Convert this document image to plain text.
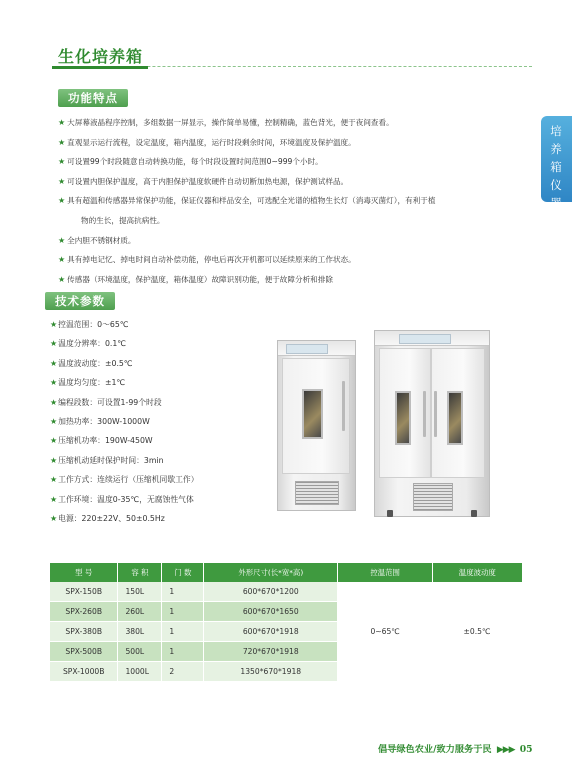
生化培养箱
培养箱仪器
功能特点
★ 大屏幕液晶程序控制，多组数据一屏显示，操作简单易懂，控制精确，蓝色背光，便于夜间查看。
★ 直观显示运行流程，设定温度，箱内温度，运行时段剩余时间，环境温度及保护温度。
★ 可设置99个时段随意自动转换功能，每个时段设置时间范围0~999个小时。
★ 可设置内胆保护温度，高于内胆保护温度软硬件自动切断加热电源，保护测试样品。
★ 具有超温和传感器异常保护功能，保证仪器和样品安全，可选配全光谱的植物生长灯（消毒灭菌灯），有利于植
物的生长，提高抗病性。
★ 全内胆不锈钢材质。
★ 具有掉电记忆、掉电时间自动补偿功能，停电后再次开机都可以延续原来的工作状态。
★ 传感器（环境温度，保护温度，箱体温度）故障识别功能，便于故障分析和排除
技术参数
★控温范围：0～65℃
★温度分辨率：0.1℃
★温度波动度：±0.5℃
★温度均匀度：±1℃
★编程段数：可设置1-99个时段
★加热功率：300W-1000W
★压缩机功率：190W-450W
★压缩机动延时保护时间：3min
★工作方式：连续运行（压缩机同歇工作）
★工作环境：温度0-35℃，无腐蚀性气体
★电源：220±22V、50±0.5Hz
型 号	容 积	门 数	外形尺寸(长*宽*高)	控温范围	温度波动度
SPX-150B	150L	1	600*670*1200	0~65℃	±0.5℃
SPX-260B	260L	1	600*670*1650		
SPX-380B	380L	1	600*670*1918		
SPX-500B	500L	1	720*670*1918		
SPX-1000B	1000L	2	1350*670*1918		
倡导绿色农业/致力服务于民 ▶▶▶ 05
